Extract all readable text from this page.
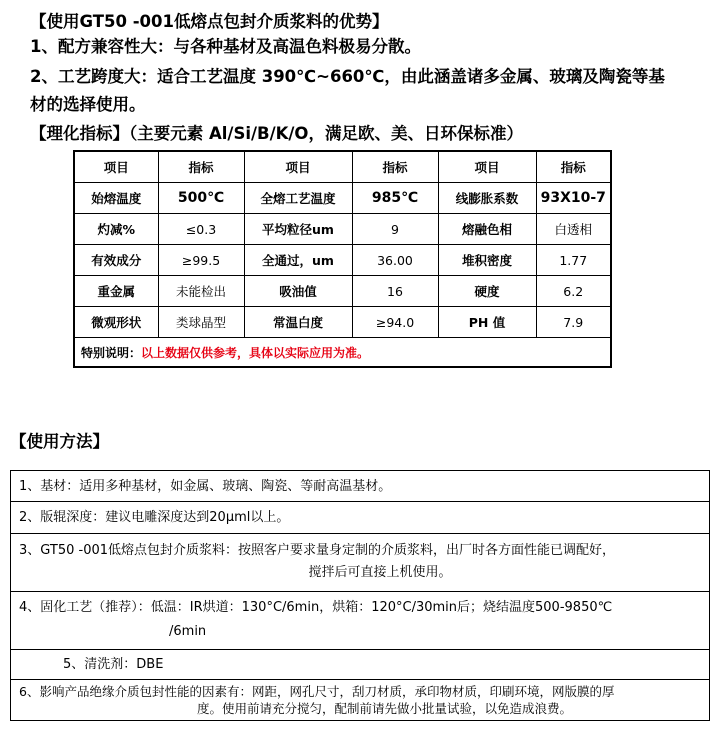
【使用GT50 -001低熔点包封介质浆料的优势】
1、配方兼容性大：与各种基材及高温色料极易分散。
2、工艺跨度大：适合工艺温度 390℃~660℃，由此涵盖诸多金属、玻璃及陶瓷等基
材的选择使用。
【理化指标】（主要元素 Al/Si/B/K/O，满足欧、美、日环保标准）
项目	指标	项目	指标	项目	指标
始熔温度	500℃	全熔工艺温度	985℃	线膨胀系数	93X10-7
灼减%	≤0.3	平均粒径um	9	熔融色相	白透相
有效成分	≥99.5	全通过，um	36.00	堆积密度	1.77
重金属	未能检出	吸油值	16	硬度	6.2
微观形状	类球晶型	常温白度	≥94.0	PH 值	7.9
特别说明：以上数据仅供参考，具体以实际应用为准。					
【使用方法】
1、基材：适用多种基材，如金属、玻璃、陶瓷、等耐高温基材。
2、版辊深度：建议电雕深度达到20μml以上。
3、GT50 -001低熔点包封介质浆料：按照客户要求量身定制的介质浆料，出厂时各方面性能已调配好，
搅拌后可直接上机使用。
4、固化工艺（推荐）：低温：IR烘道：130°C/6min，烘箱：120°C/30min后；烧结温度500-9850℃
/6min
5、清洗剂：DBE
6、影响产品绝缘介质包封性能的因素有：网距，网孔尺寸，刮刀材质，承印物材质，印刷环境，网版膜的厚
度。使用前请充分搅匀，配制前请先做小批量试验，以免造成浪费。
